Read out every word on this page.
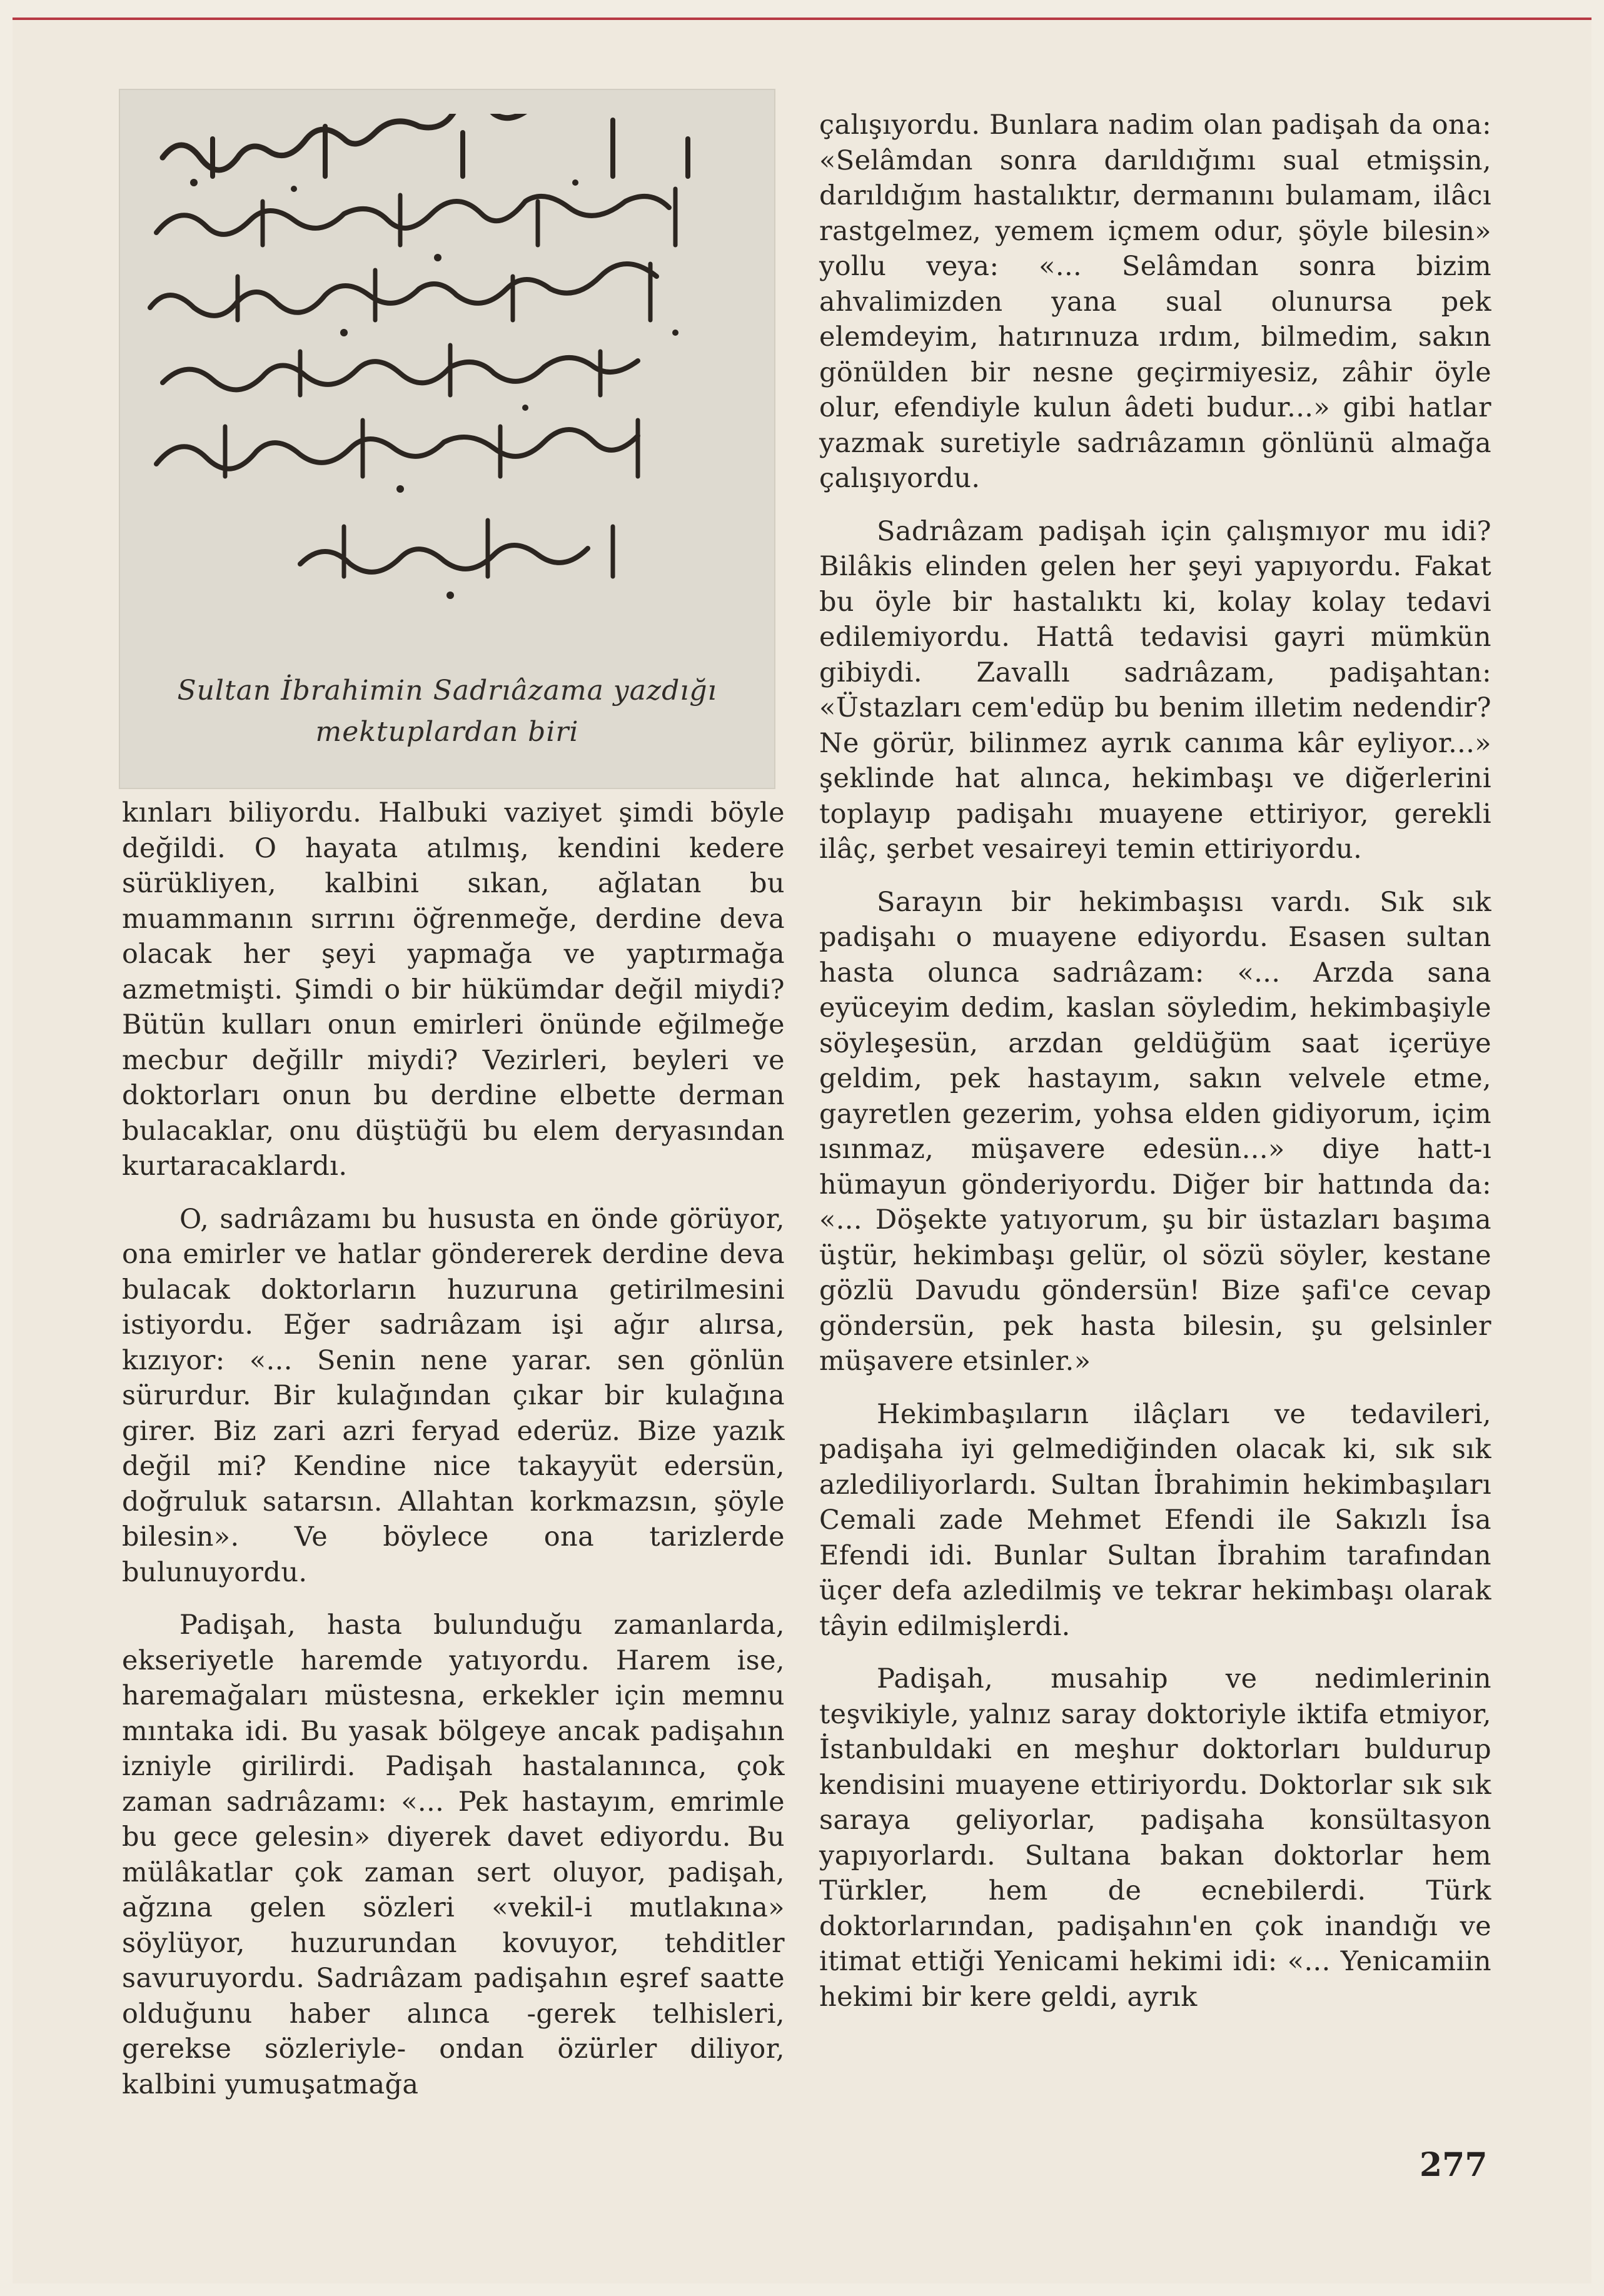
Sultan İbrahimin Sadrıâzama yazdığı
mektuplardan biri

kınları biliyordu. Halbuki vaziyet şimdi böyle değildi. O hayata atılmış, kendini kedere sürükliyen, kalbini sıkan, ağlatan bu muammanın sırrını öğrenmeğe, derdine deva olacak her şeyi yapmağa ve yaptırmağa azmetmişti. Şimdi o bir hükümdar değil miydi? Bütün kulları onun emirleri önünde eğilmeğe mecbur değillr miydi? Vezirleri, beyleri ve doktorları onun bu derdine elbette derman bulacaklar, onu düştüğü bu elem deryasından kurtaracaklardı.

O, sadrıâzamı bu hususta en önde görüyor, ona emirler ve hatlar göndererek derdine deva bulacak doktorların huzuruna getirilmesini istiyordu. Eğer sadrıâzam işi ağır alırsa, kızıyor: «... Senin nene yarar. sen gönlün sürurdur. Bir kulağından çıkar bir kulağına girer. Biz zari azri feryad ederüz. Bize yazık değil mi? Kendine nice takayyüt edersün, doğruluk satarsın. Allahtan korkmazsın, şöyle bilesin». Ve böylece ona tarizlerde bulunuyordu.

Padişah, hasta bulunduğu zamanlarda, ekseriyetle haremde yatıyordu. Harem ise, haremağaları müstesna, erkekler için memnu mıntaka idi. Bu yasak bölgeye ancak padişahın izniyle girilirdi. Padişah hastalanınca, çok zaman sadrıâzamı: «... Pek hastayım, emrimle bu gece gelesin» diyerek davet ediyordu. Bu mülâkatlar çok zaman sert oluyor, padişah, ağzına gelen sözleri «vekil-i mutlakına» söylüyor, huzurundan kovuyor, tehditler savuruyordu. Sadrıâzam padişahın eşref saatte olduğunu haber alınca -gerek telhisleri, gerekse sözleriyle- ondan özürler diliyor, kalbini yumuşatmağa

çalışıyordu. Bunlara nadim olan padişah da ona: «Selâmdan sonra darıldığımı sual etmişsin, darıldığım hastalıktır, dermanını bulamam, ilâcı rastgelmez, yemem içmem odur, şöyle bilesin» yollu veya: «... Selâmdan sonra bizim ahvalimizden yana sual olunursa pek elemdeyim, hatırınuza ırdım, bilmedim, sakın gönülden bir nesne geçirmiyesiz, zâhir öyle olur, efendiyle kulun âdeti budur...» gibi hatlar yazmak suretiyle sadrıâzamın gönlünü almağa çalışıyordu.

Sadrıâzam padişah için çalışmıyor mu idi? Bilâkis elinden gelen her şeyi yapıyordu. Fakat bu öyle bir hastalıktı ki, kolay kolay tedavi edilemiyordu. Hattâ tedavisi gayri mümkün gibiydi. Zavallı sadrıâzam, padişahtan: «Üstazları cem'edüp bu benim illetim nedendir? Ne görür, bilinmez ayrık canıma kâr eyliyor...» şeklinde hat alınca, hekimbaşı ve diğerlerini toplayıp padişahı muayene ettiriyor, gerekli ilâç, şerbet vesaireyi temin ettiriyordu.

Sarayın bir hekimbaşısı vardı. Sık sık padişahı o muayene ediyordu. Esasen sultan hasta olunca sadrıâzam: «... Arzda sana eyüceyim dedim, kaslan söyledim, hekimbaşiyle söyleşesün, arzdan geldüğüm saat içerüye geldim, pek hastayım, sakın velvele etme, gayretlen gezerim, yohsa elden gidiyorum, içim ısınmaz, müşavere edesün...» diye hatt-ı hümayun gönderiyordu. Diğer bir hattında da: «... Döşekte yatıyorum, şu bir üstazları başıma üştür, hekimbaşı gelür, ol sözü söyler, kestane gözlü Davudu göndersün! Bize şafi'ce cevap göndersün, pek hasta bilesin, şu gelsinler müşavere etsinler.»

Hekimbaşıların ilâçları ve tedavileri, padişaha iyi gelmediğinden olacak ki, sık sık azlediliyorlardı. Sultan İbrahimin hekimbaşıları Cemali zade Mehmet Efendi ile Sakızlı İsa Efendi idi. Bunlar Sultan İbrahim tarafından üçer defa azledilmiş ve tekrar hekimbaşı olarak tâyin edilmişlerdi.

Padişah, musahip ve nedimlerinin teşvikiyle, yalnız saray doktoriyle iktifa etmiyor, İstanbuldaki en meşhur doktorları buldurup kendisini muayene ettiriyordu. Doktorlar sık sık saraya geliyorlar, padişaha konsültasyon yapıyorlardı. Sultana bakan doktorlar hem Türkler, hem de ecnebilerdi. Türk doktorlarından, padişahın'en çok inandığı ve itimat ettiği Yenicami hekimi idi: «... Yenicamiin hekimi bir kere geldi, ayrık

277
